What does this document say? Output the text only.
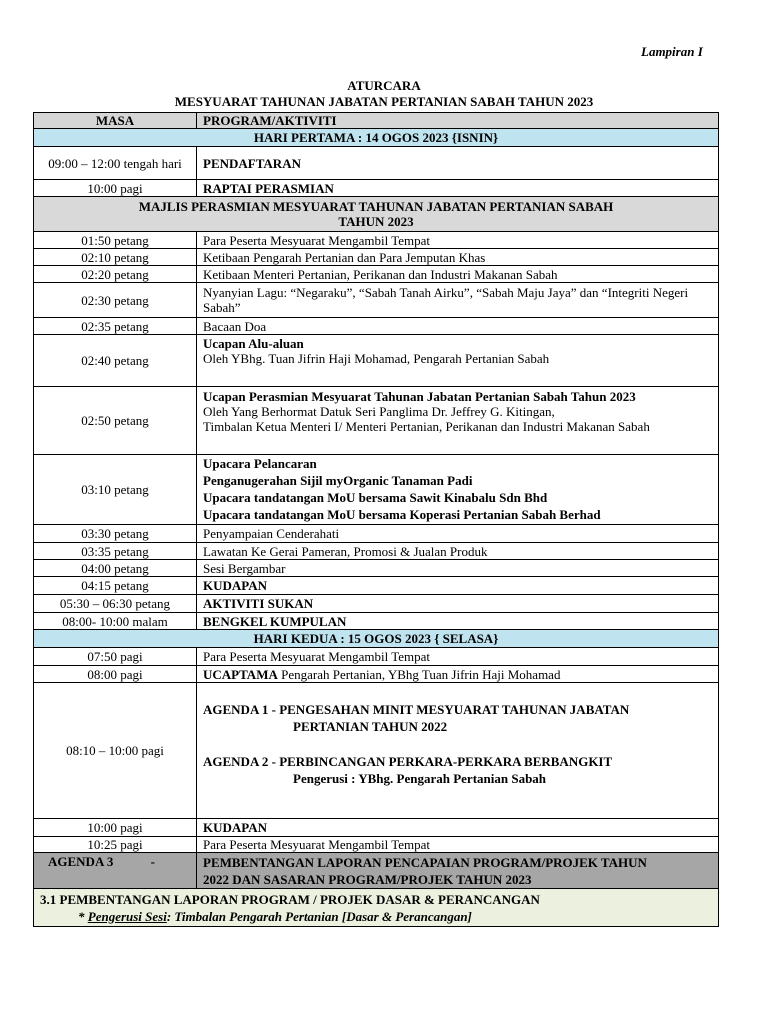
Lampiran I
ATURCARA
MESYUARAT TAHUNAN JABATAN PERTANIAN SABAH TAHUN 2023
MASA	PROGRAM/AKTIVITI
HARI PERTAMA : 14 OGOS 2023 {ISNIN}	
09:00 – 12:00 tengah hari	PENDAFTARAN
10:00 pagi	RAPTAI PERASMIAN

MAJLIS PERASMIAN MESYUARAT TAHUNAN JABATAN PERTANIAN SABAH
TAHUN 2023	

01:50 petang	Para Peserta Mesyuarat Mengambil Tempat
02:10 petang	Ketibaan Pengarah Pertanian dan Para Jemputan Khas
02:20 petang	Ketibaan Menteri Pertanian, Perikanan dan Industri Makanan Sabah
02:30 petang	Nyanyian Lagu: “Negaraku”, “Sabah Tanah Airku”, “Sabah Maju Jaya” dan “Integriti Negeri Sabah”
02:35 petang	Bacaan Doa
02:40 petang	Ucapan Alu-aluan
Oleh YBhg. Tuan Jifrin Haji Mohamad, Pengarah Pertanian Sabah

02:50 petang	Ucapan Perasmian Mesyuarat Tahunan Jabatan Pertanian Sabah Tahun 2023
Oleh Yang Berhormat Datuk Seri Panglima Dr. Jeffrey G. Kitingan,
Timbalan Ketua Menteri I/ Menteri Pertanian, Perikanan dan Industri Makanan Sabah

03:10 petang	Upacara Pelancaran
Penganugerahan Sijil myOrganic Tanaman Padi
Upacara tandatangan MoU bersama Sawit Kinabalu Sdn Bhd
Upacara tandatangan MoU bersama Koperasi Pertanian Sabah Berhad

03:30 petang	Penyampaian Cenderahati
03:35 petang	Lawatan Ke Gerai Pameran, Promosi & Jualan Produk
04:00 petang	Sesi Bergambar
04:15 petang	KUDAPAN
05:30 – 06:30 petang	AKTIVITI SUKAN
08:00- 10:00 malam	BENGKEL KUMPULAN
HARI KEDUA : 15 OGOS 2023 { SELASA}	
07:50 pagi	Para Peserta Mesyuarat Mengambil Tempat
08:00 pagi	UCAPTAMA Pengarah Pertanian, YBhg Tuan Jifrin Haji Mohamad
08:10 – 10:00 pagi	AGENDA 1 - PENGESAHAN MINIT MESYUARAT TAHUNAN JABATAN
PERTANIAN TAHUN 2022
AGENDA 2 - PERBINCANGAN PERKARA-PERKARA BERBANGKIT
Pengerusi : YBhg. Pengarah Pertanian Sabah

10:00 pagi	KUDAPAN
10:25 pagi	Para Peserta Mesyuarat Mengambil Tempat
AGENDA 3 -	PEMBENTANGAN LAPORAN PENCAPAIAN PROGRAM/PROJEK TAHUN
2022 DAN SASARAN PROGRAM/PROJEK TAHUN 2023

3.1 PEMBENTANGAN LAPORAN PROGRAM / PROJEK DASAR & PERANCANGAN
* Pengerusi Sesi: Timbalan Pengarah Pertanian [Dasar & Perancangan]	
